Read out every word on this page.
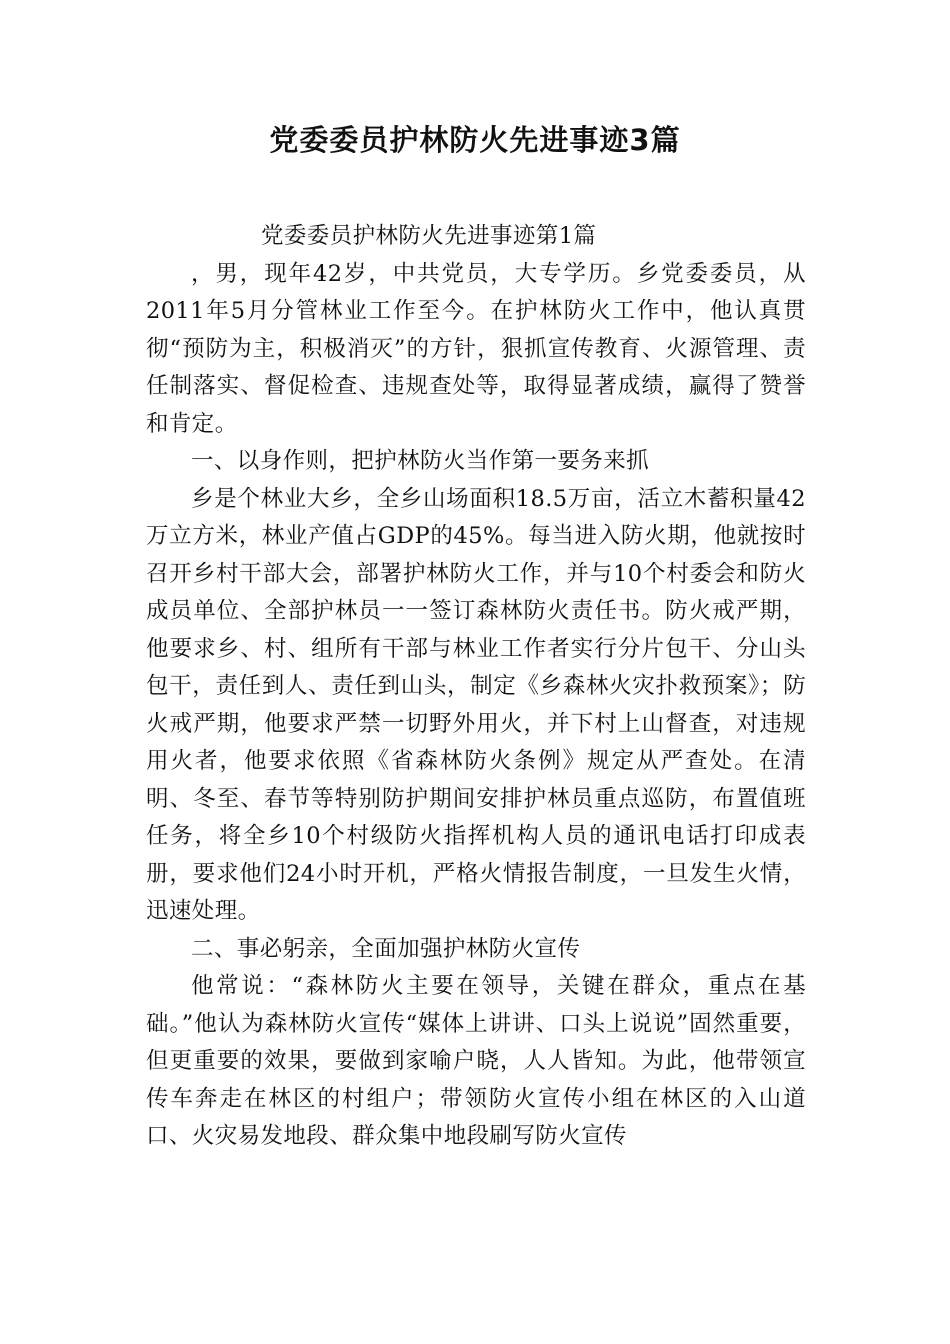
党委委员护林防火先进事迹3篇

党委委员护林防火先进事迹第1篇

，男，现年42岁，中共党员，大专学历。乡党委委员，从2011年5月分管林业工作至今。在护林防火工作中，他认真贯彻“预防为主，积极消灭”的方针，狠抓宣传教育、火源管理、责任制落实、督促检查、违规查处等，取得显著成绩，赢得了赞誉和肯定。

一、以身作则，把护林防火当作第一要务来抓

乡是个林业大乡，全乡山场面积18.5万亩，活立木蓄积量42万立方米，林业产值占GDP的45%。每当进入防火期，他就按时召开乡村干部大会，部署护林防火工作，并与10个村委会和防火成员单位、全部护林员一一签订森林防火责任书。防火戒严期，他要求乡、村、组所有干部与林业工作者实行分片包干、分山头包干，责任到人、责任到山头，制定《乡森林火灾扑救预案》；防火戒严期，他要求严禁一切野外用火，并下村上山督查，对违规用火者，他要求依照《省森林防火条例》规定从严查处。在清明、冬至、春节等特别防护期间安排护林员重点巡防，布置值班任务，将全乡10个村级防火指挥机构人员的通讯电话打印成表册，要求他们24小时开机，严格火情报告制度，一旦发生火情，迅速处理。

二、事必躬亲，全面加强护林防火宣传

他常说：“森林防火主要在领导，关键在群众，重点在基础。”他认为森林防火宣传“媒体上讲讲、口头上说说”固然重要，但更重要的效果，要做到家喻户晓，人人皆知。为此，他带领宣传车奔走在林区的村组户；带领防火宣传小组在林区的入山道口、火灾易发地段、群众集中地段刷写防火宣传
